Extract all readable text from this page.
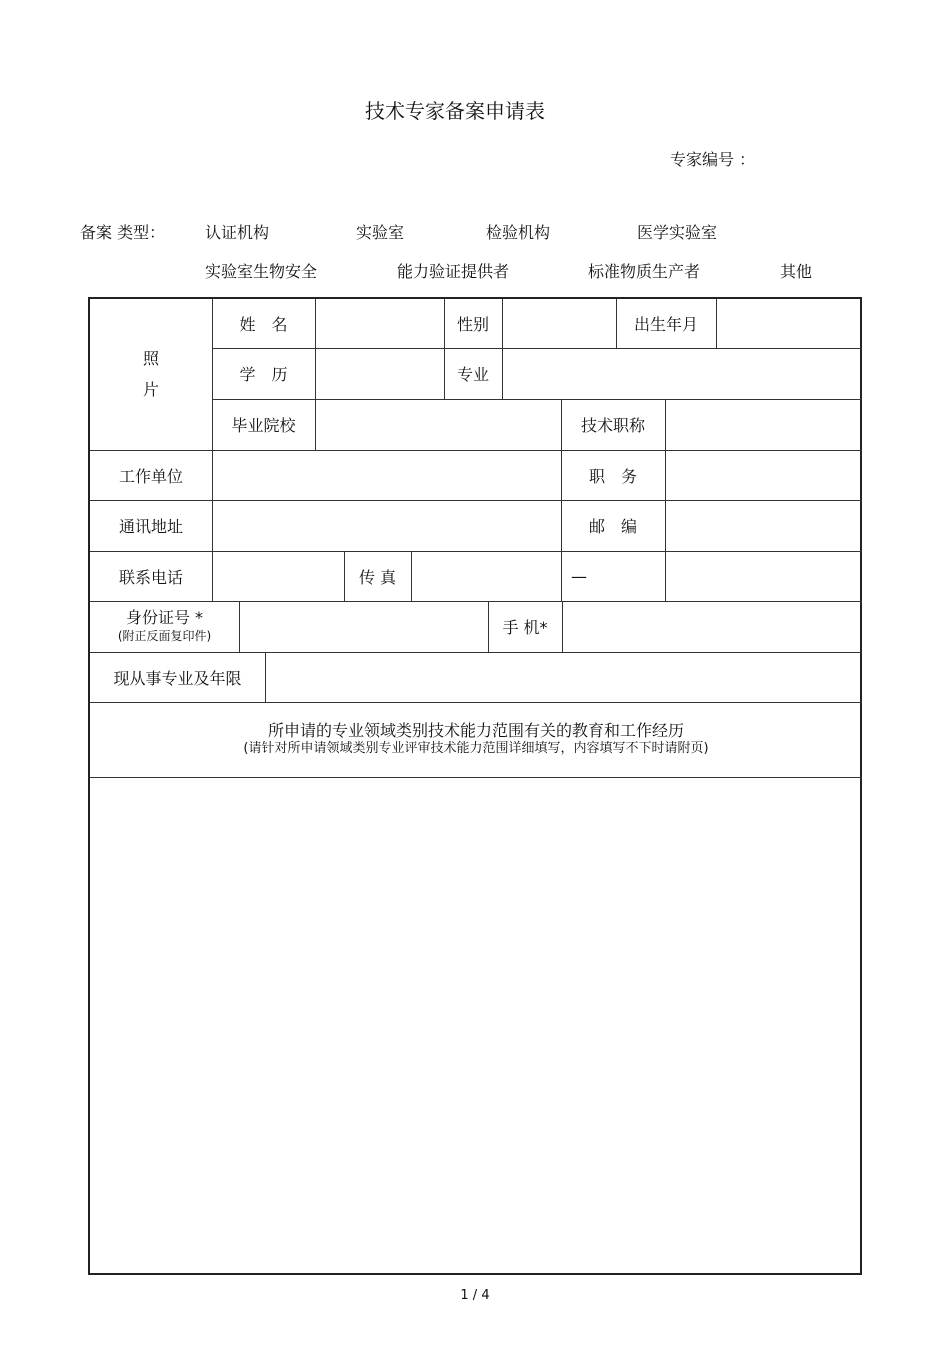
技术专家备案申请表
专家编号 ：
备案 类型： 认证机构	实验室	检验机构	医学实验室
实验室生物安全	能力验证提供者	标准物质生产者	其他
照
片
姓　名	性别	出生年月
学　历	专业
毕业院校	技术职称
工作单位	职　务
通讯地址	邮　编
联系电话	传 真	—
身份证号 *
(附正反面复印件)	手 机*
现从事专业及年限
所申请的专业领域类别技术能力范围有关的教育和工作经历
(请针对所申请领域类别专业评审技术能力范围详细填写，内容填写不下时请附页)
1 / 4
